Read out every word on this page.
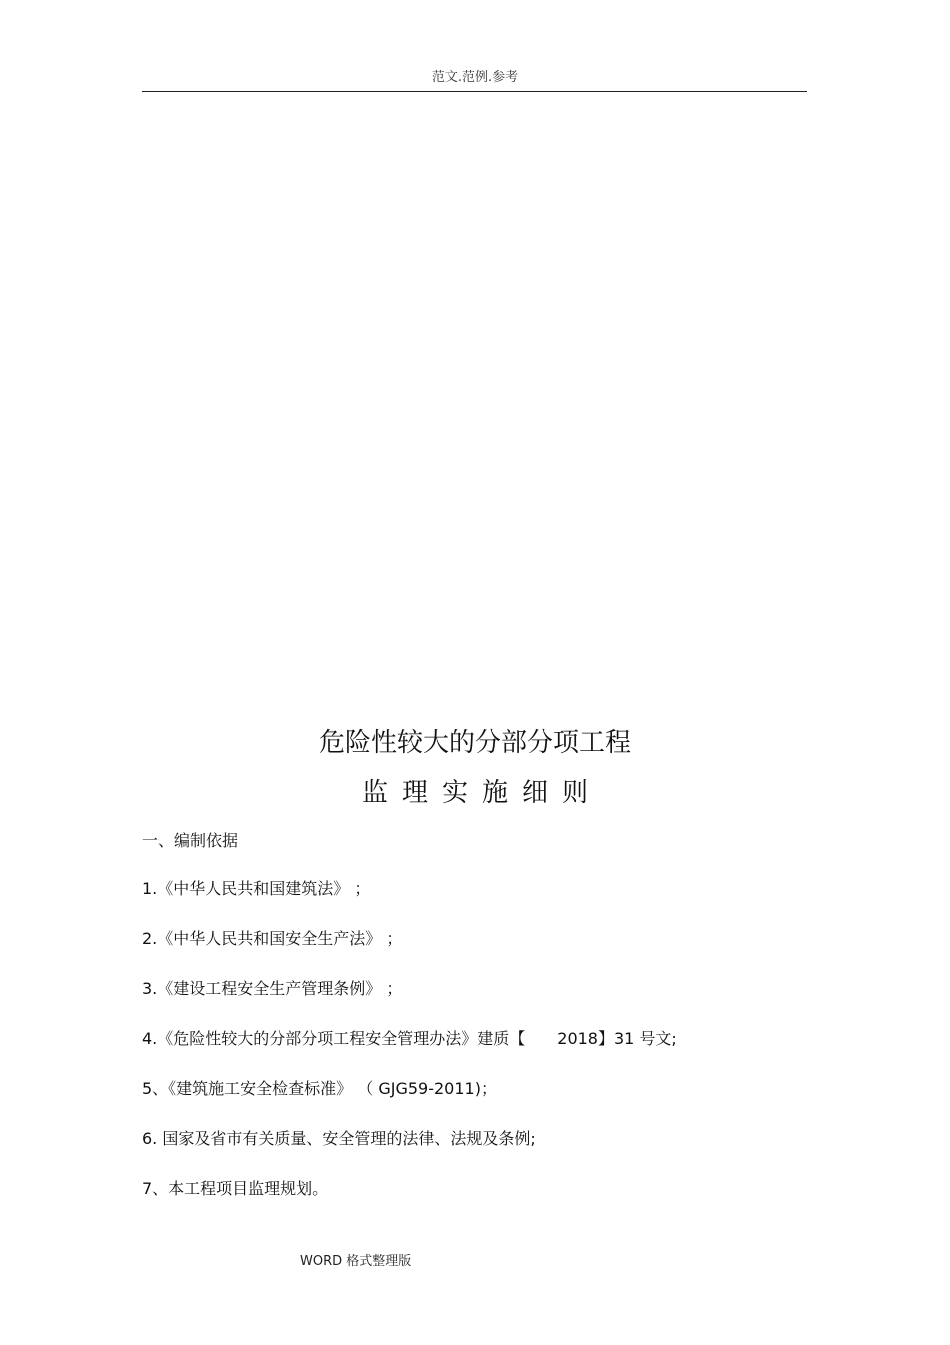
范文.范例.参考
危险性较大的分部分项工程
监理实施细则
一、编制依据
1.《中华人民共和国建筑法》 ；
2.《中华人民共和国安全生产法》 ；
3.《建设工程安全生产管理条例》 ；
4.《危险性较大的分部分项工程安全管理办法》建质【　　2018】31 号文;
5、《建筑施工安全检查标准》 （ GJG59-2011)；
6. 国家及省市有关质量、安全管理的法律、法规及条例;
7、本工程项目监理规划。
WORD 格式整理版
